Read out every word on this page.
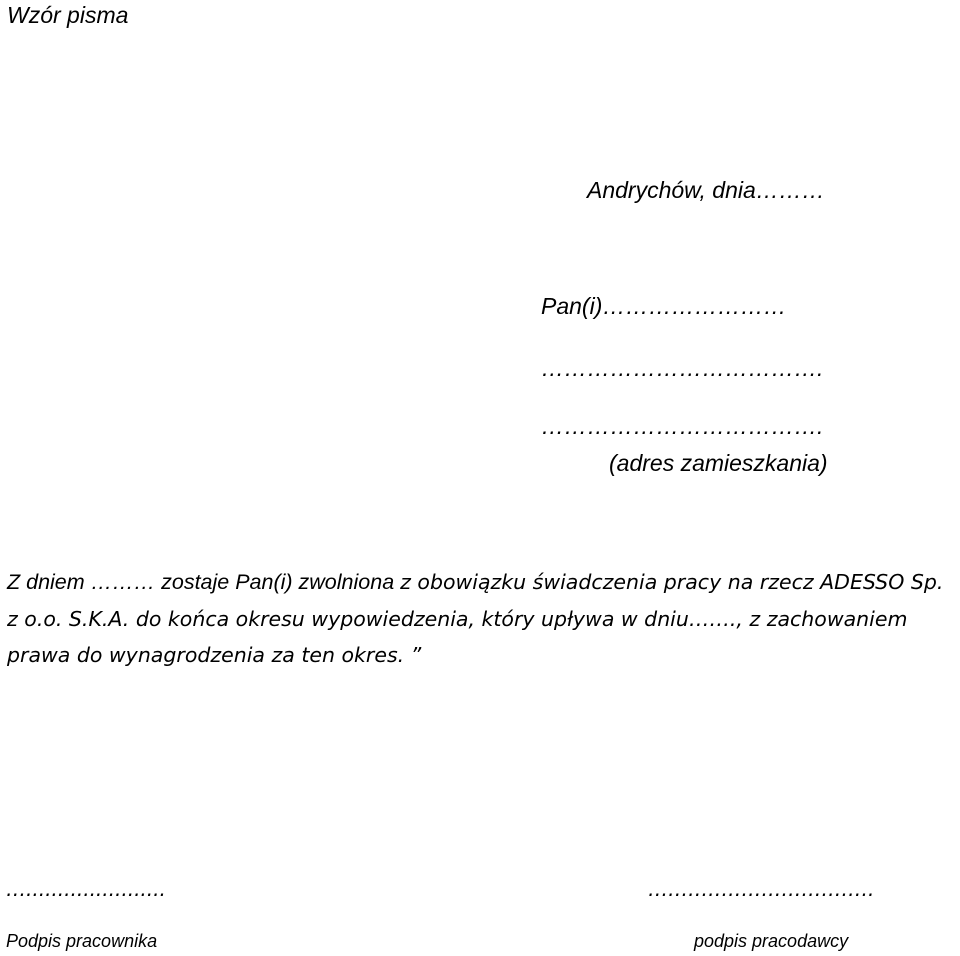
Wzór pisma
Andrychów, dnia………
Pan(i)……………………
……………………………….
……………………………….
(adres zamieszkania)
Z dniem ……… zostaje Pan(i) zwolniona z obowiązku świadczenia pracy na rzecz ADESSO Sp. z o.o. S.K.A. do końca okresu wypowiedzenia, który upływa w dniu……., z zachowaniem prawa do wynagrodzenia za ten okres. ”
…......................	…………………………….
Podpis pracownika	podpis pracodawcy
